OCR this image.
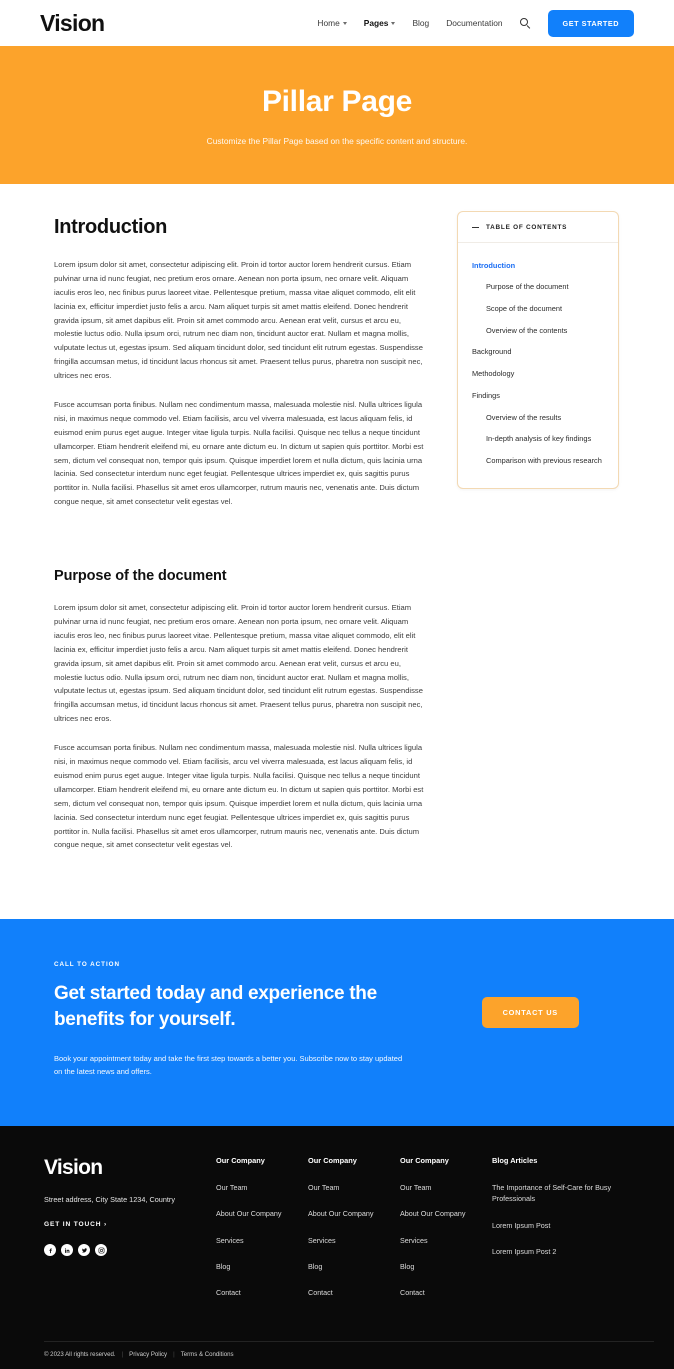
Vision	Home	Pages	Blog Documentation	GET STARTED
Pillar Page

Customize the Pillar Page based on the specific content and structure.

Introduction

Lorem ipsum dolor sit amet, consectetur adipiscing elit. Proin id tortor auctor lorem hendrerit cursus. Etiam pulvinar urna id nunc feugiat, nec pretium eros ornare. Aenean non porta ipsum, nec ornare velit. Aliquam iaculis eros leo, nec finibus purus laoreet vitae. Pellentesque pretium, massa vitae aliquet commodo, elit elit lacinia ex, efficitur imperdiet justo felis a arcu. Nam aliquet turpis sit amet mattis eleifend. Donec hendrerit gravida ipsum, sit amet dapibus elit. Proin sit amet commodo arcu. Aenean erat velit, cursus et arcu eu, molestie luctus odio. Nulla ipsum orci, rutrum nec diam non, tincidunt auctor erat. Nullam et magna mollis, vulputate lectus ut, egestas ipsum. Sed aliquam tincidunt dolor, sed tincidunt elit rutrum egestas. Suspendisse fringilla accumsan metus, id tincidunt lacus rhoncus sit amet. Praesent tellus purus, pharetra non suscipit nec, ultrices nec eros.

Fusce accumsan porta finibus. Nullam nec condimentum massa, malesuada molestie nisl. Nulla ultrices ligula nisi, in maximus neque commodo vel. Etiam facilisis, arcu vel viverra malesuada, est lacus aliquam felis, id euismod enim purus eget augue. Integer vitae ligula turpis. Nulla facilisi. Quisque nec tellus a neque tincidunt ullamcorper. Etiam hendrerit eleifend mi, eu ornare ante dictum eu. In dictum ut sapien quis porttitor. Morbi est sem, dictum vel consequat non, tempor quis ipsum. Quisque imperdiet lorem et nulla dictum, quis lacinia urna lacinia. Sed consectetur interdum nunc eget feugiat. Pellentesque ultrices imperdiet ex, quis sagittis purus porttitor in. Nulla facilisi. Phasellus sit amet eros ullamcorper, rutrum mauris nec, venenatis ante. Duis dictum congue neque, sit amet consectetur velit egestas vel.

Purpose of the document

Lorem ipsum dolor sit amet, consectetur adipiscing elit. Proin id tortor auctor lorem hendrerit cursus. Etiam pulvinar urna id nunc feugiat, nec pretium eros ornare. Aenean non porta ipsum, nec ornare velit. Aliquam iaculis eros leo, nec finibus purus laoreet vitae. Pellentesque pretium, massa vitae aliquet commodo, elit elit lacinia ex, efficitur imperdiet justo felis a arcu. Nam aliquet turpis sit amet mattis eleifend. Donec hendrerit gravida ipsum, sit amet dapibus elit. Proin sit amet commodo arcu. Aenean erat velit, cursus et arcu eu, molestie luctus odio. Nulla ipsum orci, rutrum nec diam non, tincidunt auctor erat. Nullam et magna mollis, vulputate lectus ut, egestas ipsum. Sed aliquam tincidunt dolor, sed tincidunt elit rutrum egestas. Suspendisse fringilla accumsan metus, id tincidunt lacus rhoncus sit amet. Praesent tellus purus, pharetra non suscipit nec, ultrices nec eros.

Fusce accumsan porta finibus. Nullam nec condimentum massa, malesuada molestie nisl. Nulla ultrices ligula nisi, in maximus neque commodo vel. Etiam facilisis, arcu vel viverra malesuada, est lacus aliquam felis, id euismod enim purus eget augue. Integer vitae ligula turpis. Nulla facilisi. Quisque nec tellus a neque tincidunt ullamcorper. Etiam hendrerit eleifend mi, eu ornare ante dictum eu. In dictum ut sapien quis porttitor. Morbi est sem, dictum vel consequat non, tempor quis ipsum. Quisque imperdiet lorem et nulla dictum, quis lacinia urna lacinia. Sed consectetur interdum nunc eget feugiat. Pellentesque ultrices imperdiet ex, quis sagittis purus porttitor in. Nulla facilisi. Phasellus sit amet eros ullamcorper, rutrum mauris nec, venenatis ante. Duis dictum congue neque, sit amet consectetur velit egestas vel.

TABLE OF CONTENTS
Introduction
Purpose of the document
Scope of the document
Overview of the contents
Background
Methodology
Findings
Overview of the results
In-depth analysis of key findings
Comparison with previous research
CALL TO ACTION
Get started today and experience the benefits for yourself.

Book your appointment today and take the first step towards a better you. Subscribe now to stay updated on the latest news and offers.

CONTACT US
Vision
Street address, City State 1234, Country
GET IN TOUCH ›
Our Company
Our Team
About Our Company
Services
Blog
Contact
Our Company
Our Team
About Our Company
Services
Blog
Contact
Our Company
Our Team
About Our Company
Services
Blog
Contact
Blog Articles
The Importance of Self-Care for Busy Professionals
Lorem Ipsum Post
Lorem Ipsum Post 2
© 2023 All rights reserved. | Privacy Policy | Terms & Conditions
